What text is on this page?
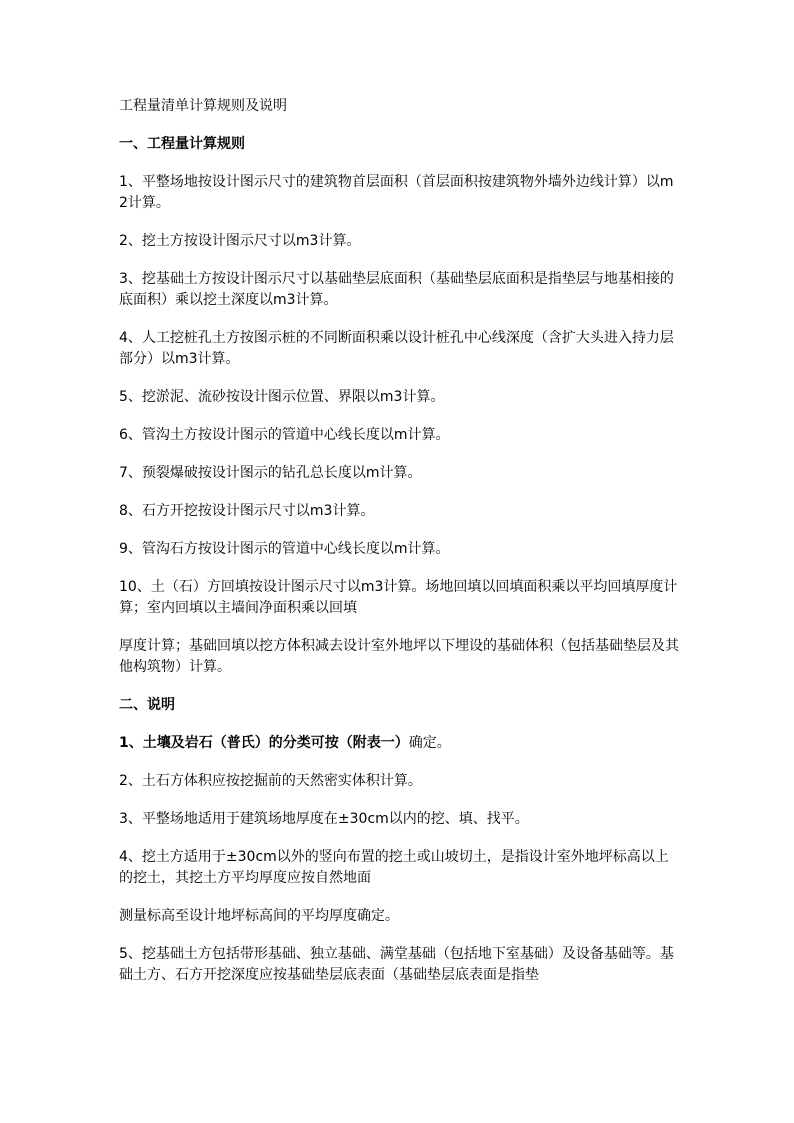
工程量清单计算规则及说明

一、工程量计算规则

1、平整场地按设计图示尺寸的建筑物首层面积（首层面积按建筑物外墙外边线计算）以m2计算。

2、挖土方按设计图示尺寸以m3计算。

3、挖基础土方按设计图示尺寸以基础垫层底面积（基础垫层底面积是指垫层与地基相接的底面积）乘以挖土深度以m3计算。

4、人工挖桩孔土方按图示桩的不同断面积乘以设计桩孔中心线深度（含扩大头进入持力层部分）以m3计算。

5、挖淤泥、流砂按设计图示位置、界限以m3计算。

6、管沟土方按设计图示的管道中心线长度以m计算。

7、预裂爆破按设计图示的钻孔总长度以m计算。

8、石方开挖按设计图示尺寸以m3计算。

9、管沟石方按设计图示的管道中心线长度以m计算。

10、土（石）方回填按设计图示尺寸以m3计算。场地回填以回填面积乘以平均回填厚度计算；室内回填以主墙间净面积乘以回填

厚度计算；基础回填以挖方体积减去设计室外地坪以下埋设的基础体积（包括基础垫层及其他构筑物）计算。

二、说明

1、土壤及岩石（普氏）的分类可按（附表一）确定。

2、土石方体积应按挖掘前的天然密实体积计算。

3、平整场地适用于建筑场地厚度在±30cm以内的挖、填、找平。

4、挖土方适用于±30cm以外的竖向布置的挖土或山坡切土，是指设计室外地坪标高以上的挖土，其挖土方平均厚度应按自然地面

测量标高至设计地坪标高间的平均厚度确定。

5、挖基础土方包括带形基础、独立基础、满堂基础（包括地下室基础）及设备基础等。基础土方、石方开挖深度应按基础垫层底表面（基础垫层底表面是指垫
